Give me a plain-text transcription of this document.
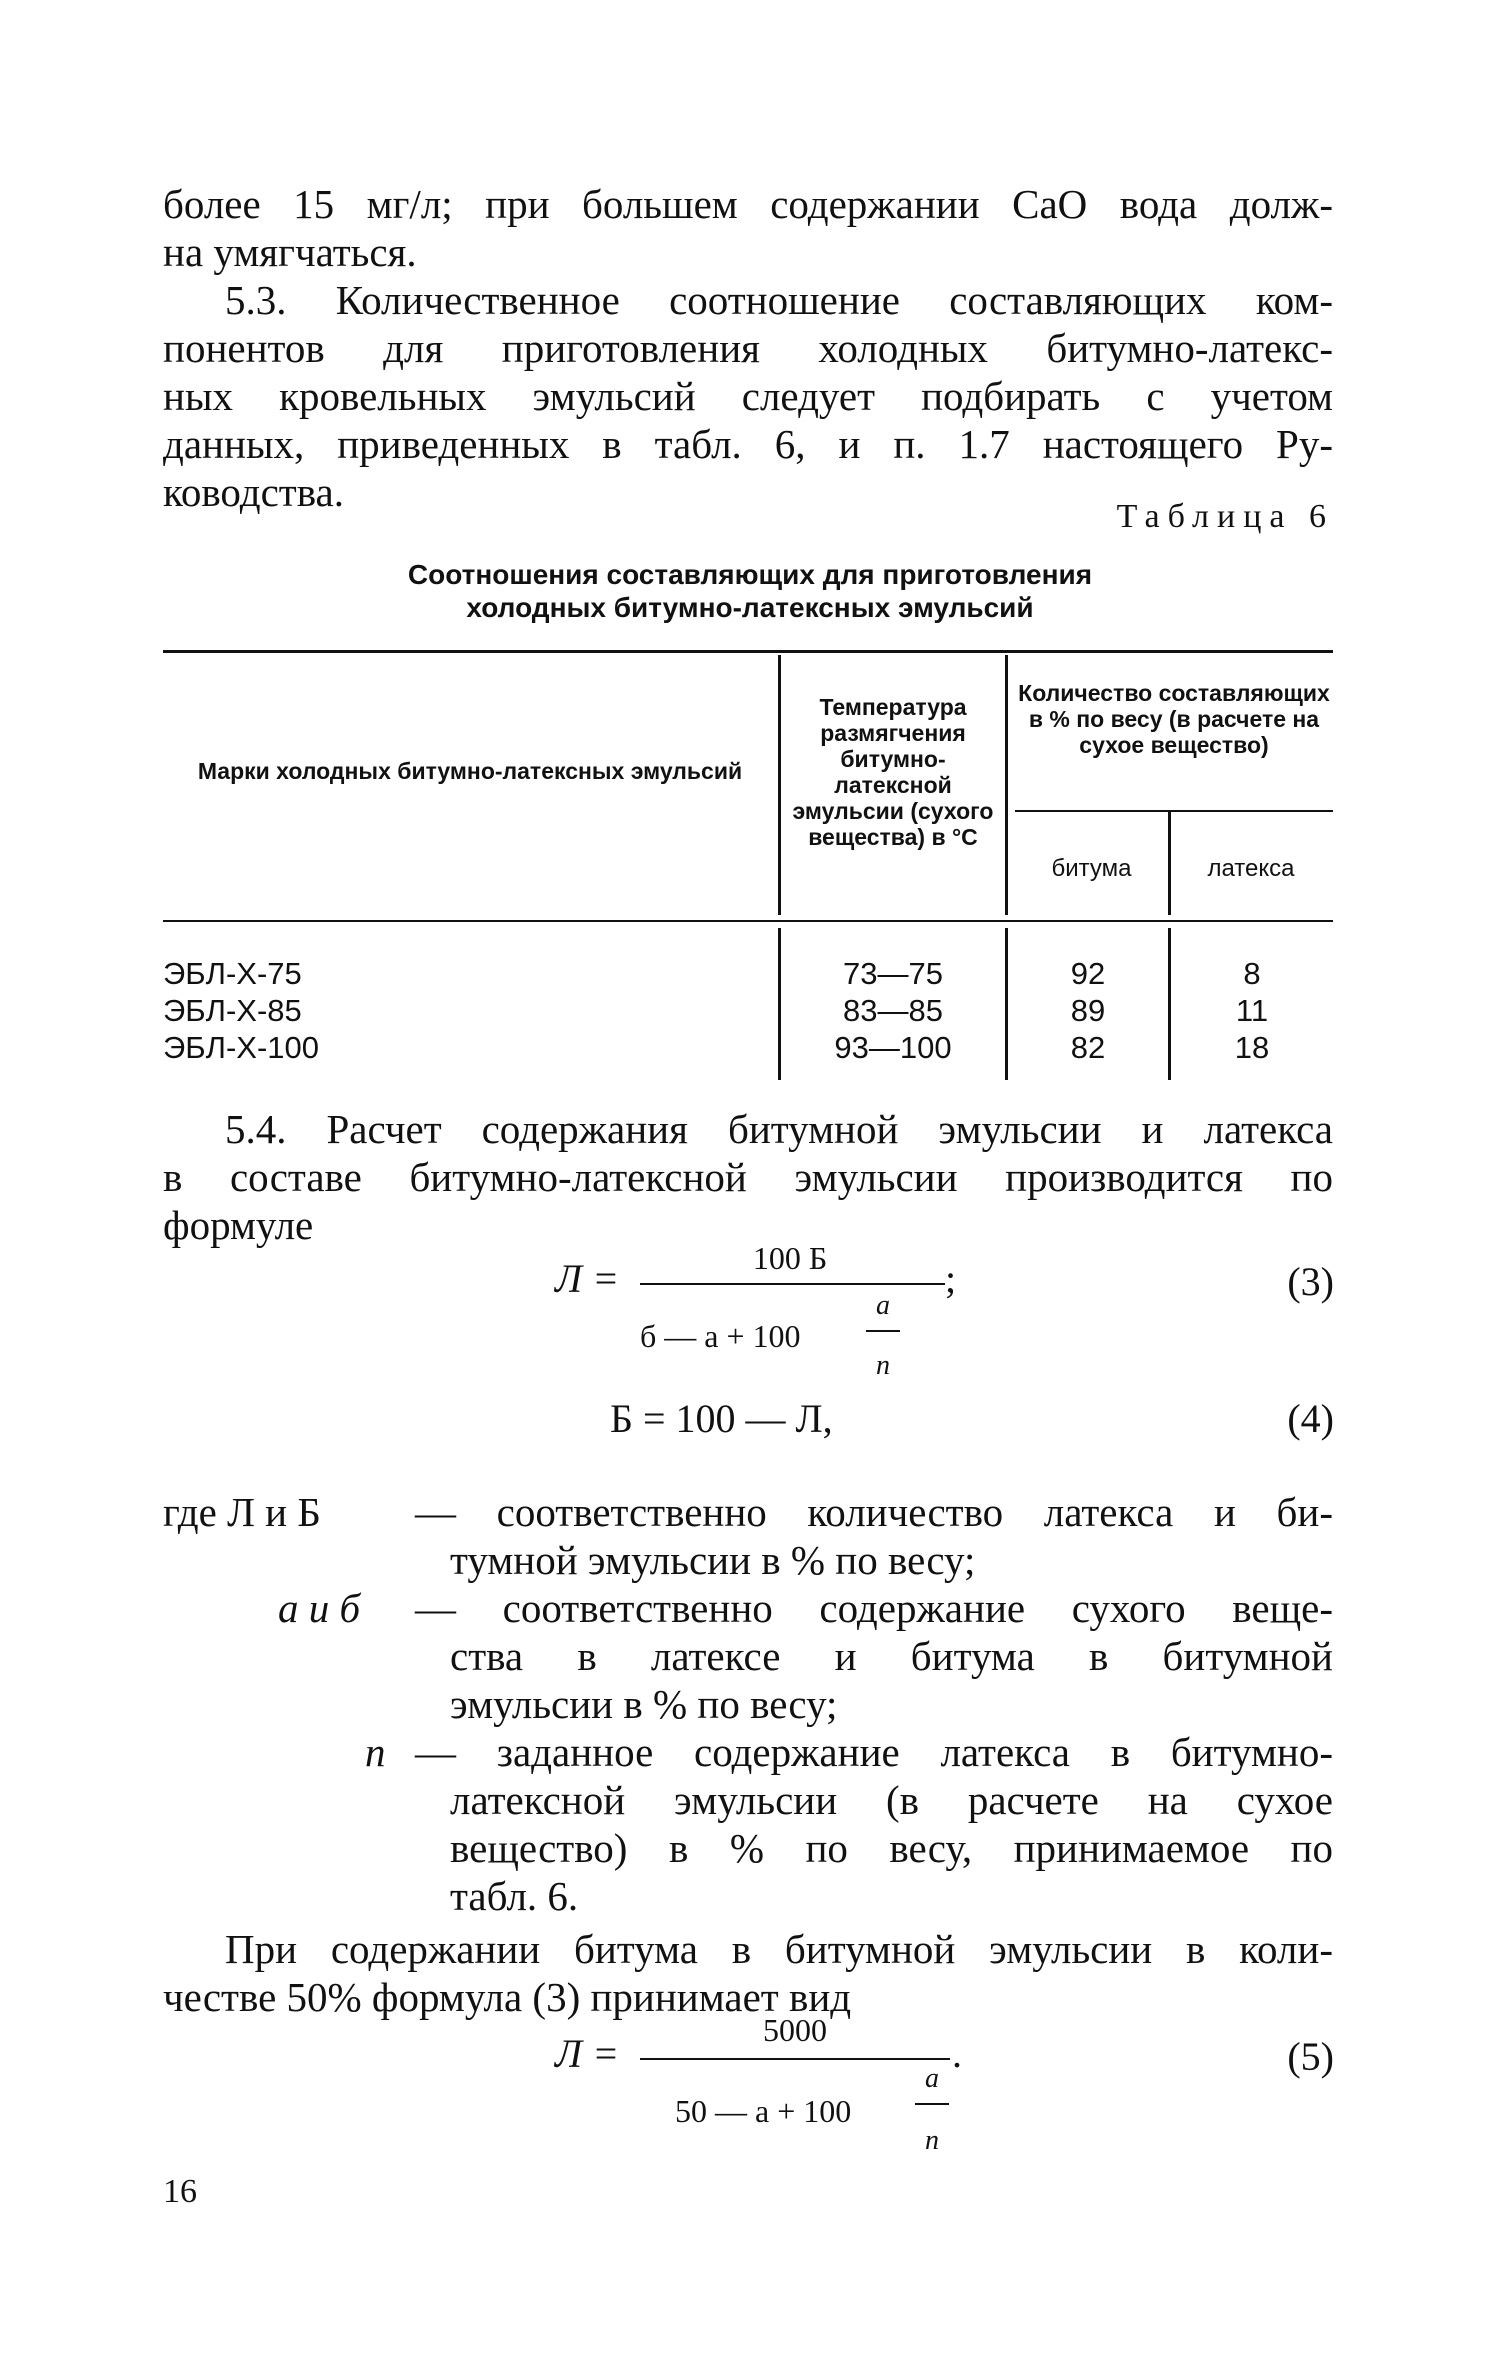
более 15 мг/л; при большем содержании CaO вода долж-
на умягчаться.
5.3. Количественное соотношение составляющих ком-
понентов для приготовления холодных битумно-латекс-
ных кровельных эмульсий следует подбирать с учетом
данных, приведенных в табл. 6, и п. 1.7 настоящего Ру-
ководства.
Таблица 6
Соотношения составляющих для приготовления
холодных битумно-латексных эмульсий
Марки холодных битумно-латексных эмульсий
Температура размягчения битумно-латексной эмульсии (сухого вещества) в °С
Количество составляющих в % по весу (в расчете на сухое вещество)
битума	латекса
ЭБЛ-Х-75	73—75	92	8
ЭБЛ-Х-85	83—85	89	11
ЭБЛ-Х-100	93—100	82	18
5.4. Расчет содержания битумной эмульсии и латекса
в составе битумно-латексной эмульсии производится по
формуле
Л =	100 Б	;
б — a + 100
a
n
(3)
Б = 100 — Л,	(4)
где Л и Б — соответственно количество латекса и би-
тумной эмульсии в % по весу;
а и б — соответственно содержание сухого веще-
ства в латексе и битума в битумной
эмульсии в % по весу;
n — заданное содержание латекса в битумно-
латексной эмульсии (в расчете на сухое
вещество) в % по весу, принимаемое по
табл. 6.
При содержании битума в битумной эмульсии в коли-
честве 50% формула (3) принимает вид
Л =
5000
.
50 — a + 100
a
n
(5)
16
